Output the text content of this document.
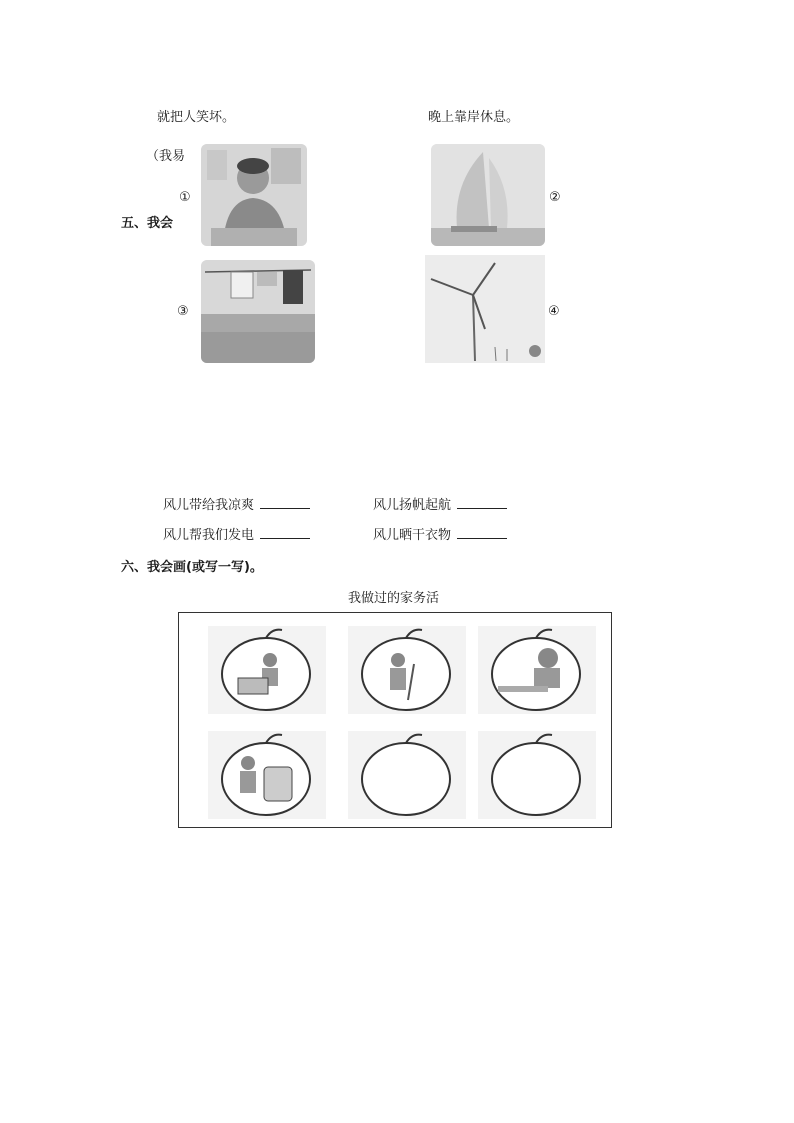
就把人笑坏。	晚上靠岸休息。
（我易
五、我会
①	②
③	④
风儿带给我凉爽	风儿扬帆起航
风儿帮我们发电	风儿晒干衣物
六、我会画(或写一写)。
我做过的家务活
